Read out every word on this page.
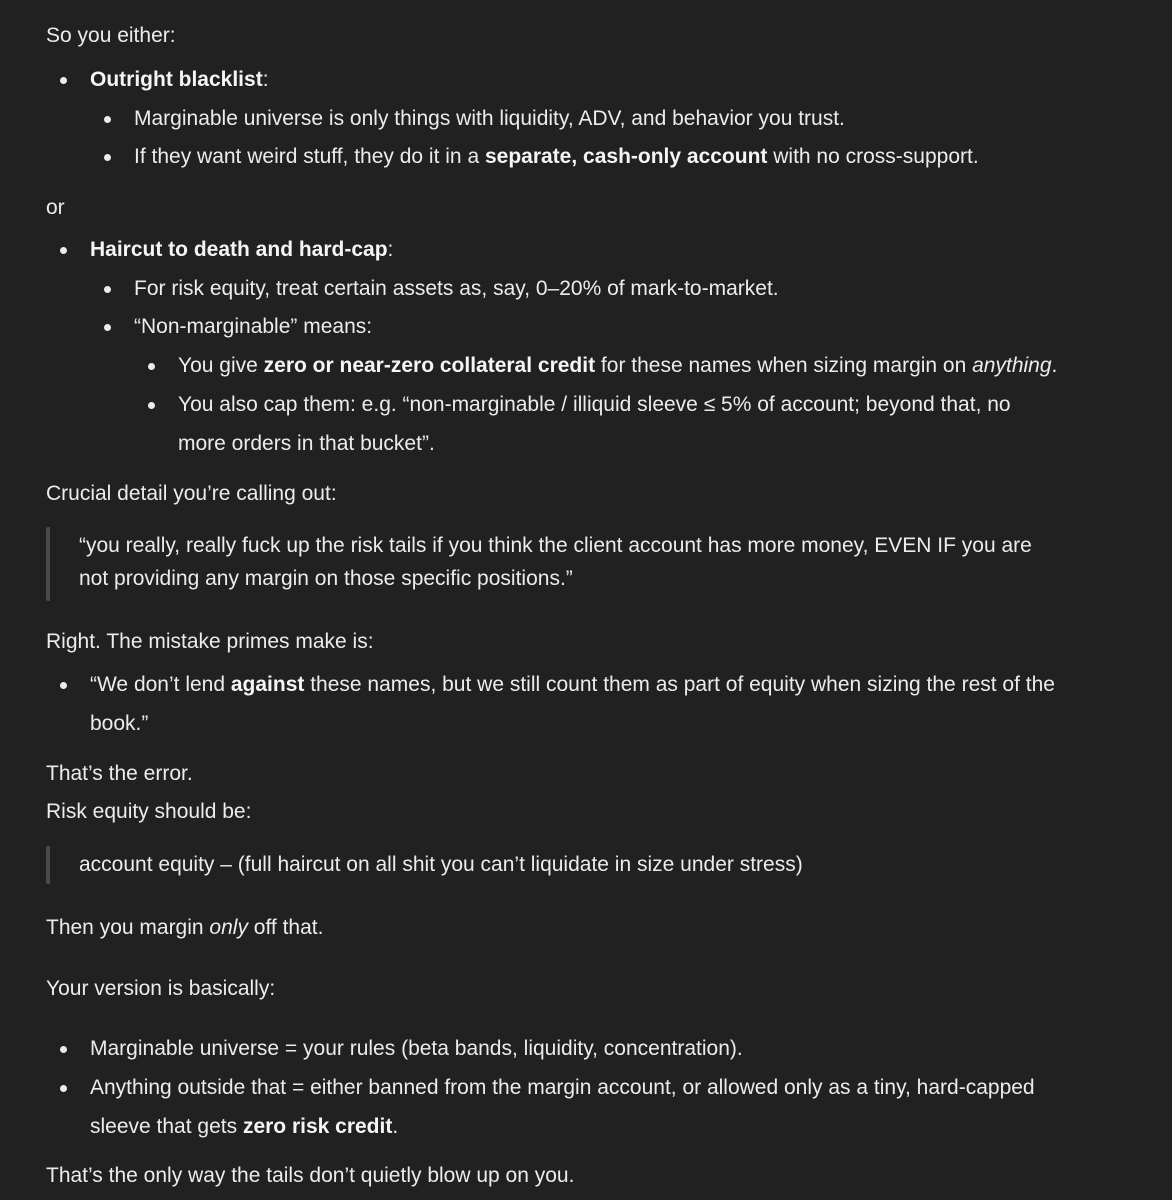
So you either:

Outright blacklist:
Marginable universe is only things with liquidity, ADV, and behavior you trust.
If they want weird stuff, they do it in a separate, cash-only account with no cross-support.

or

Haircut to death and hard-cap:
For risk equity, treat certain assets as, say, 0–20% of mark-to-market.
“Non-marginable” means:
You give zero or near-zero collateral credit for these names when sizing margin on anything.
You also cap them: e.g. “non-marginable / illiquid sleeve ≤ 5% of account; beyond that, no
more orders in that bucket”.

Crucial detail you’re calling out:

“you really, really fuck up the risk tails if you think the client account has more money, EVEN IF you are
not providing any margin on those specific positions.”

Right. The mistake primes make is:

“We don’t lend against these names, but we still count them as part of equity when sizing the rest of the
book.”

That’s the error.

Risk equity should be:

account equity – (full haircut on all shit you can’t liquidate in size under stress)

Then you margin only off that.

Your version is basically:

Marginable universe = your rules (beta bands, liquidity, concentration).
Anything outside that = either banned from the margin account, or allowed only as a tiny, hard-capped
sleeve that gets zero risk credit.

That’s the only way the tails don’t quietly blow up on you.
